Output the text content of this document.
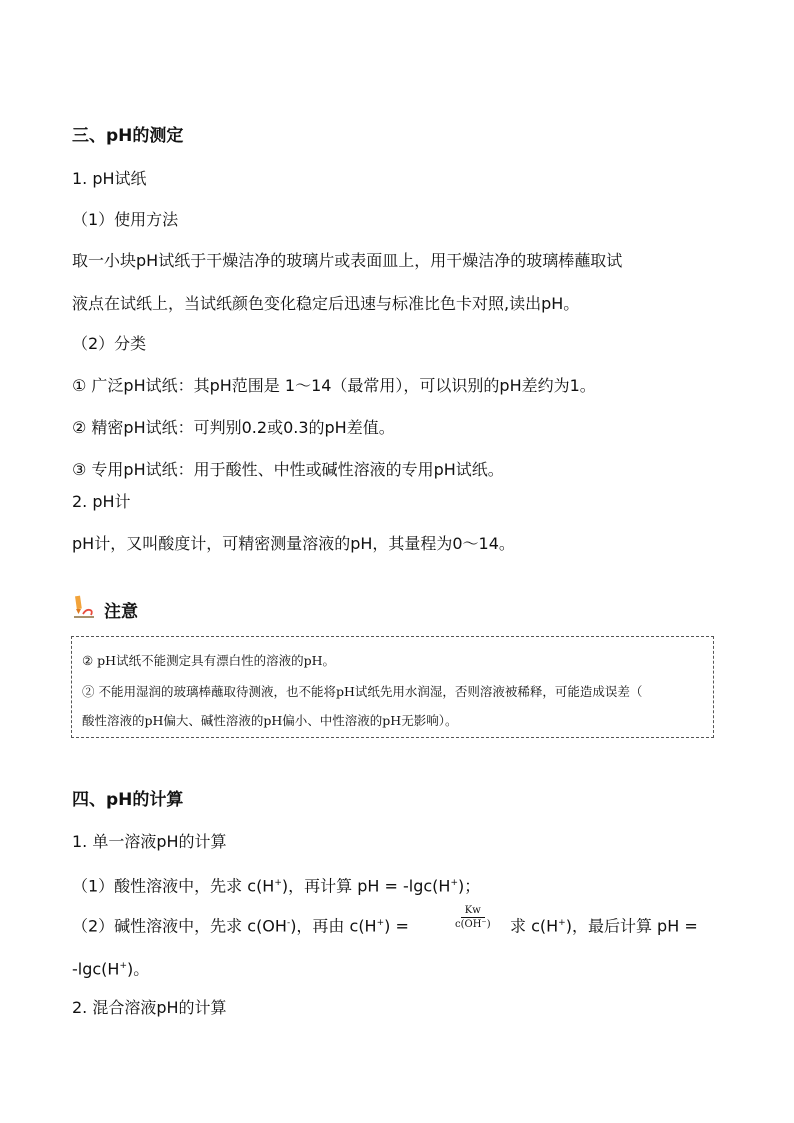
三、pH的测定
1. pH试纸
（1）使用方法
取一小块pH试纸于干燥洁净的玻璃片或表面皿上，用干燥洁净的玻璃棒蘸取试
液点在试纸上，当试纸颜色变化稳定后迅速与标准比色卡对照,读出pH。
（2）分类
① 广泛pH试纸：其pH范围是 1～14（最常用），可以识别的pH差约为1。
② 精密pH试纸：可判别0.2或0.3的pH差值。
③ 专用pH试纸：用于酸性、中性或碱性溶液的专用pH试纸。
2. pH计
pH计，又叫酸度计，可精密测量溶液的pH，其量程为0～14。
注意
② pH试纸不能测定具有漂白性的溶液的pH。
② 不能用湿润的玻璃棒蘸取待测液，也不能将pH试纸先用水润湿，否则溶液被稀释，可能造成误差（
酸性溶液的pH偏大、碱性溶液的pH偏小、中性溶液的pH无影响）。
四、pH的计算
1. 单一溶液pH的计算
（1）酸性溶液中，先求 c(H+)，再计算 pH = -lgc(H+)；
（2）碱性溶液中，先求 c(OH-)，再由 c(H+) =	$\frac{Kw}{c(OH^-)}$ 求 c(H+)，最后计算 pH =
-lgc(H+)。
2. 混合溶液pH的计算
